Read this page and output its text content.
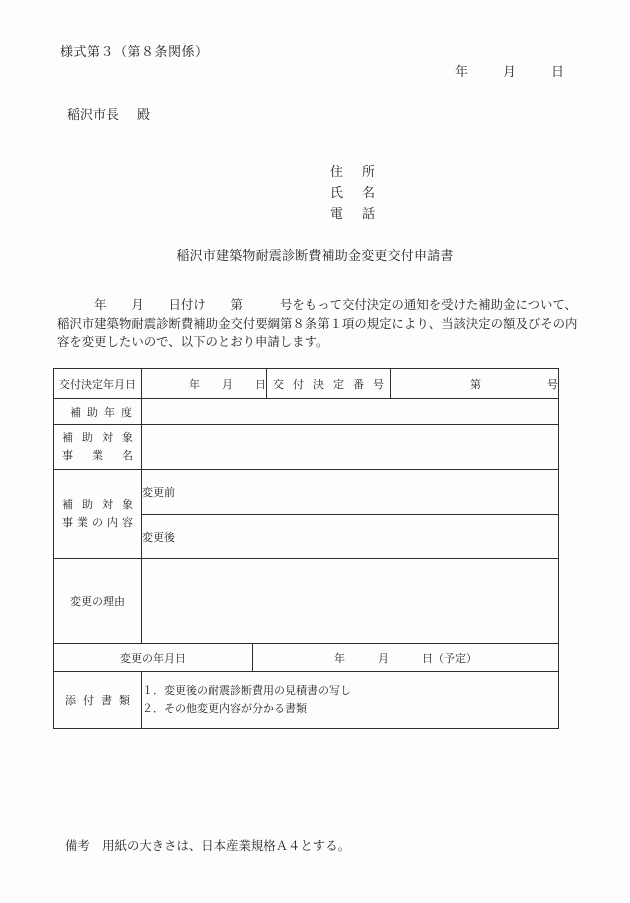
様式第３（第８条関係）
年	月	日
稲沢市長 殿
住　所
氏　名
電　話
稲沢市建築物耐震診断費補助金変更交付申請書
　　　年　　月　　日付け　　第　　　号をもって交付決定の通知を受けた補助金について、
稲沢市建築物耐震診断費補助金交付要綱第８条第１項の規定により、当該決定の額及びその内
容を変更したいので、以下のとおり申請します。
交付決定年月日	年　　月　　日		交付決定番号	第　　　　　　号

補助年度				

補助対象
事業名				

補助対象
事業の内容	変更前			
	変更後			
変更の理由				
変更の年月日		年　　　月　　　日（予定）		

添付書類	１．変更後の耐震診断費用の見積書の写し
２．その他変更内容が分かる書類			
備考　用紙の大きさは、日本産業規格Ａ４とする。
